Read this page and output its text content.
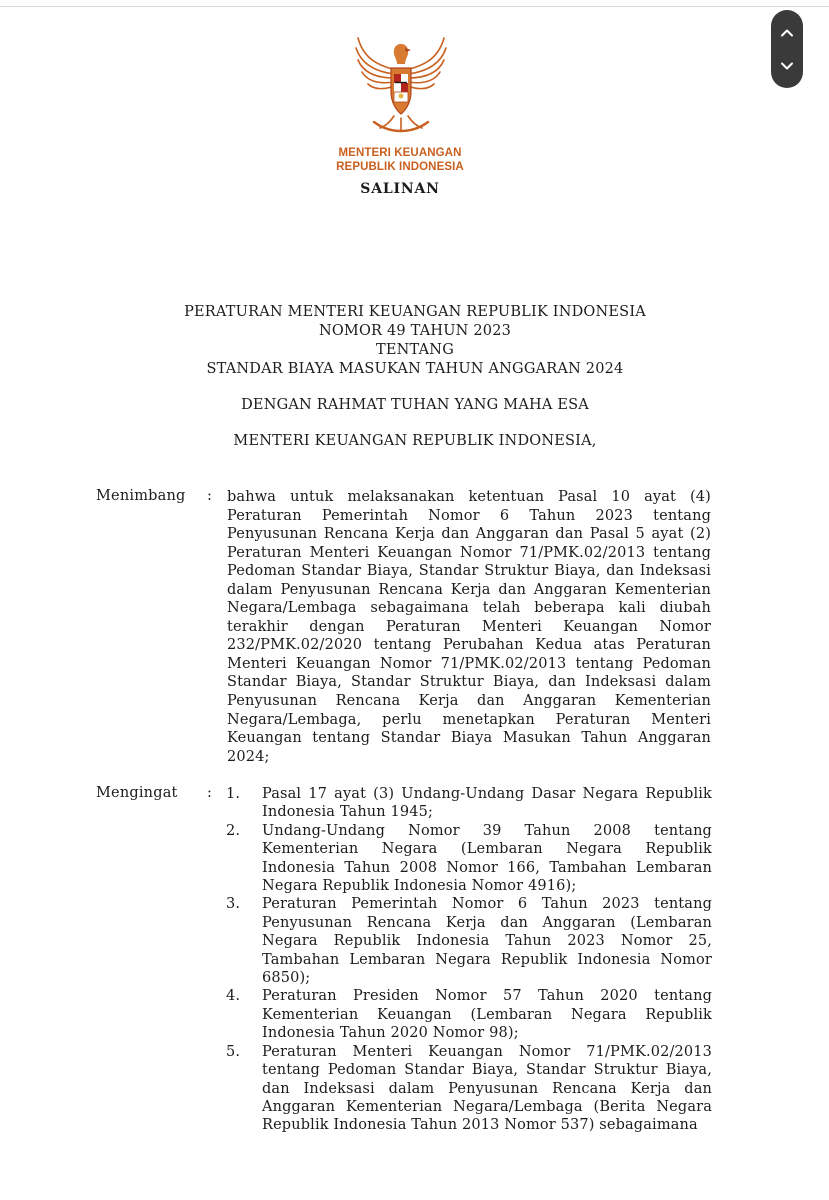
MENTERI KEUANGAN
REPUBLIK INDONESIA
SALINAN
PERATURAN MENTERI KEUANGAN REPUBLIK INDONESIA
NOMOR 49 TAHUN 2023
TENTANG
STANDAR BIAYA MASUKAN TAHUN ANGGARAN 2024
DENGAN RAHMAT TUHAN YANG MAHA ESA
MENTERI KEUANGAN REPUBLIK INDONESIA,
Menimbang : bahwa untuk melaksanakan ketentuan Pasal 10 ayat (4) Peraturan Pemerintah Nomor 6 Tahun 2023 tentang Penyusunan Rencana Kerja dan Anggaran dan Pasal 5 ayat (2) Peraturan Menteri Keuangan Nomor 71/PMK.02/2013 tentang Pedoman Standar Biaya, Standar Struktur Biaya, dan Indeksasi dalam Penyusunan Rencana Kerja dan Anggaran Kementerian Negara/Lembaga sebagaimana telah beberapa kali diubah terakhir dengan Peraturan Menteri Keuangan Nomor 232/PMK.02/2020 tentang Perubahan Kedua atas Peraturan Menteri Keuangan Nomor 71/PMK.02/2013 tentang Pedoman Standar Biaya, Standar Struktur Biaya, dan Indeksasi dalam Penyusunan Rencana Kerja dan Anggaran Kementerian Negara/Lembaga, perlu menetapkan Peraturan Menteri Keuangan tentang Standar Biaya Masukan Tahun Anggaran 2024;
Mengingat : 1. Pasal 17 ayat (3) Undang-Undang Dasar Negara Republik Indonesia Tahun 1945;
2. Undang-Undang Nomor 39 Tahun 2008 tentang Kementerian Negara (Lembaran Negara Republik Indonesia Tahun 2008 Nomor 166, Tambahan Lembaran Negara Republik Indonesia Nomor 4916);
3. Peraturan Pemerintah Nomor 6 Tahun 2023 tentang Penyusunan Rencana Kerja dan Anggaran (Lembaran Negara Republik Indonesia Tahun 2023 Nomor 25, Tambahan Lembaran Negara Republik Indonesia Nomor 6850);
4. Peraturan Presiden Nomor 57 Tahun 2020 tentang Kementerian Keuangan (Lembaran Negara Republik Indonesia Tahun 2020 Nomor 98);
5. Peraturan Menteri Keuangan Nomor 71/PMK.02/2013 tentang Pedoman Standar Biaya, Standar Struktur Biaya, dan Indeksasi dalam Penyusunan Rencana Kerja dan Anggaran Kementerian Negara/Lembaga (Berita Negara Republik Indonesia Tahun 2013 Nomor 537) sebagaimana
